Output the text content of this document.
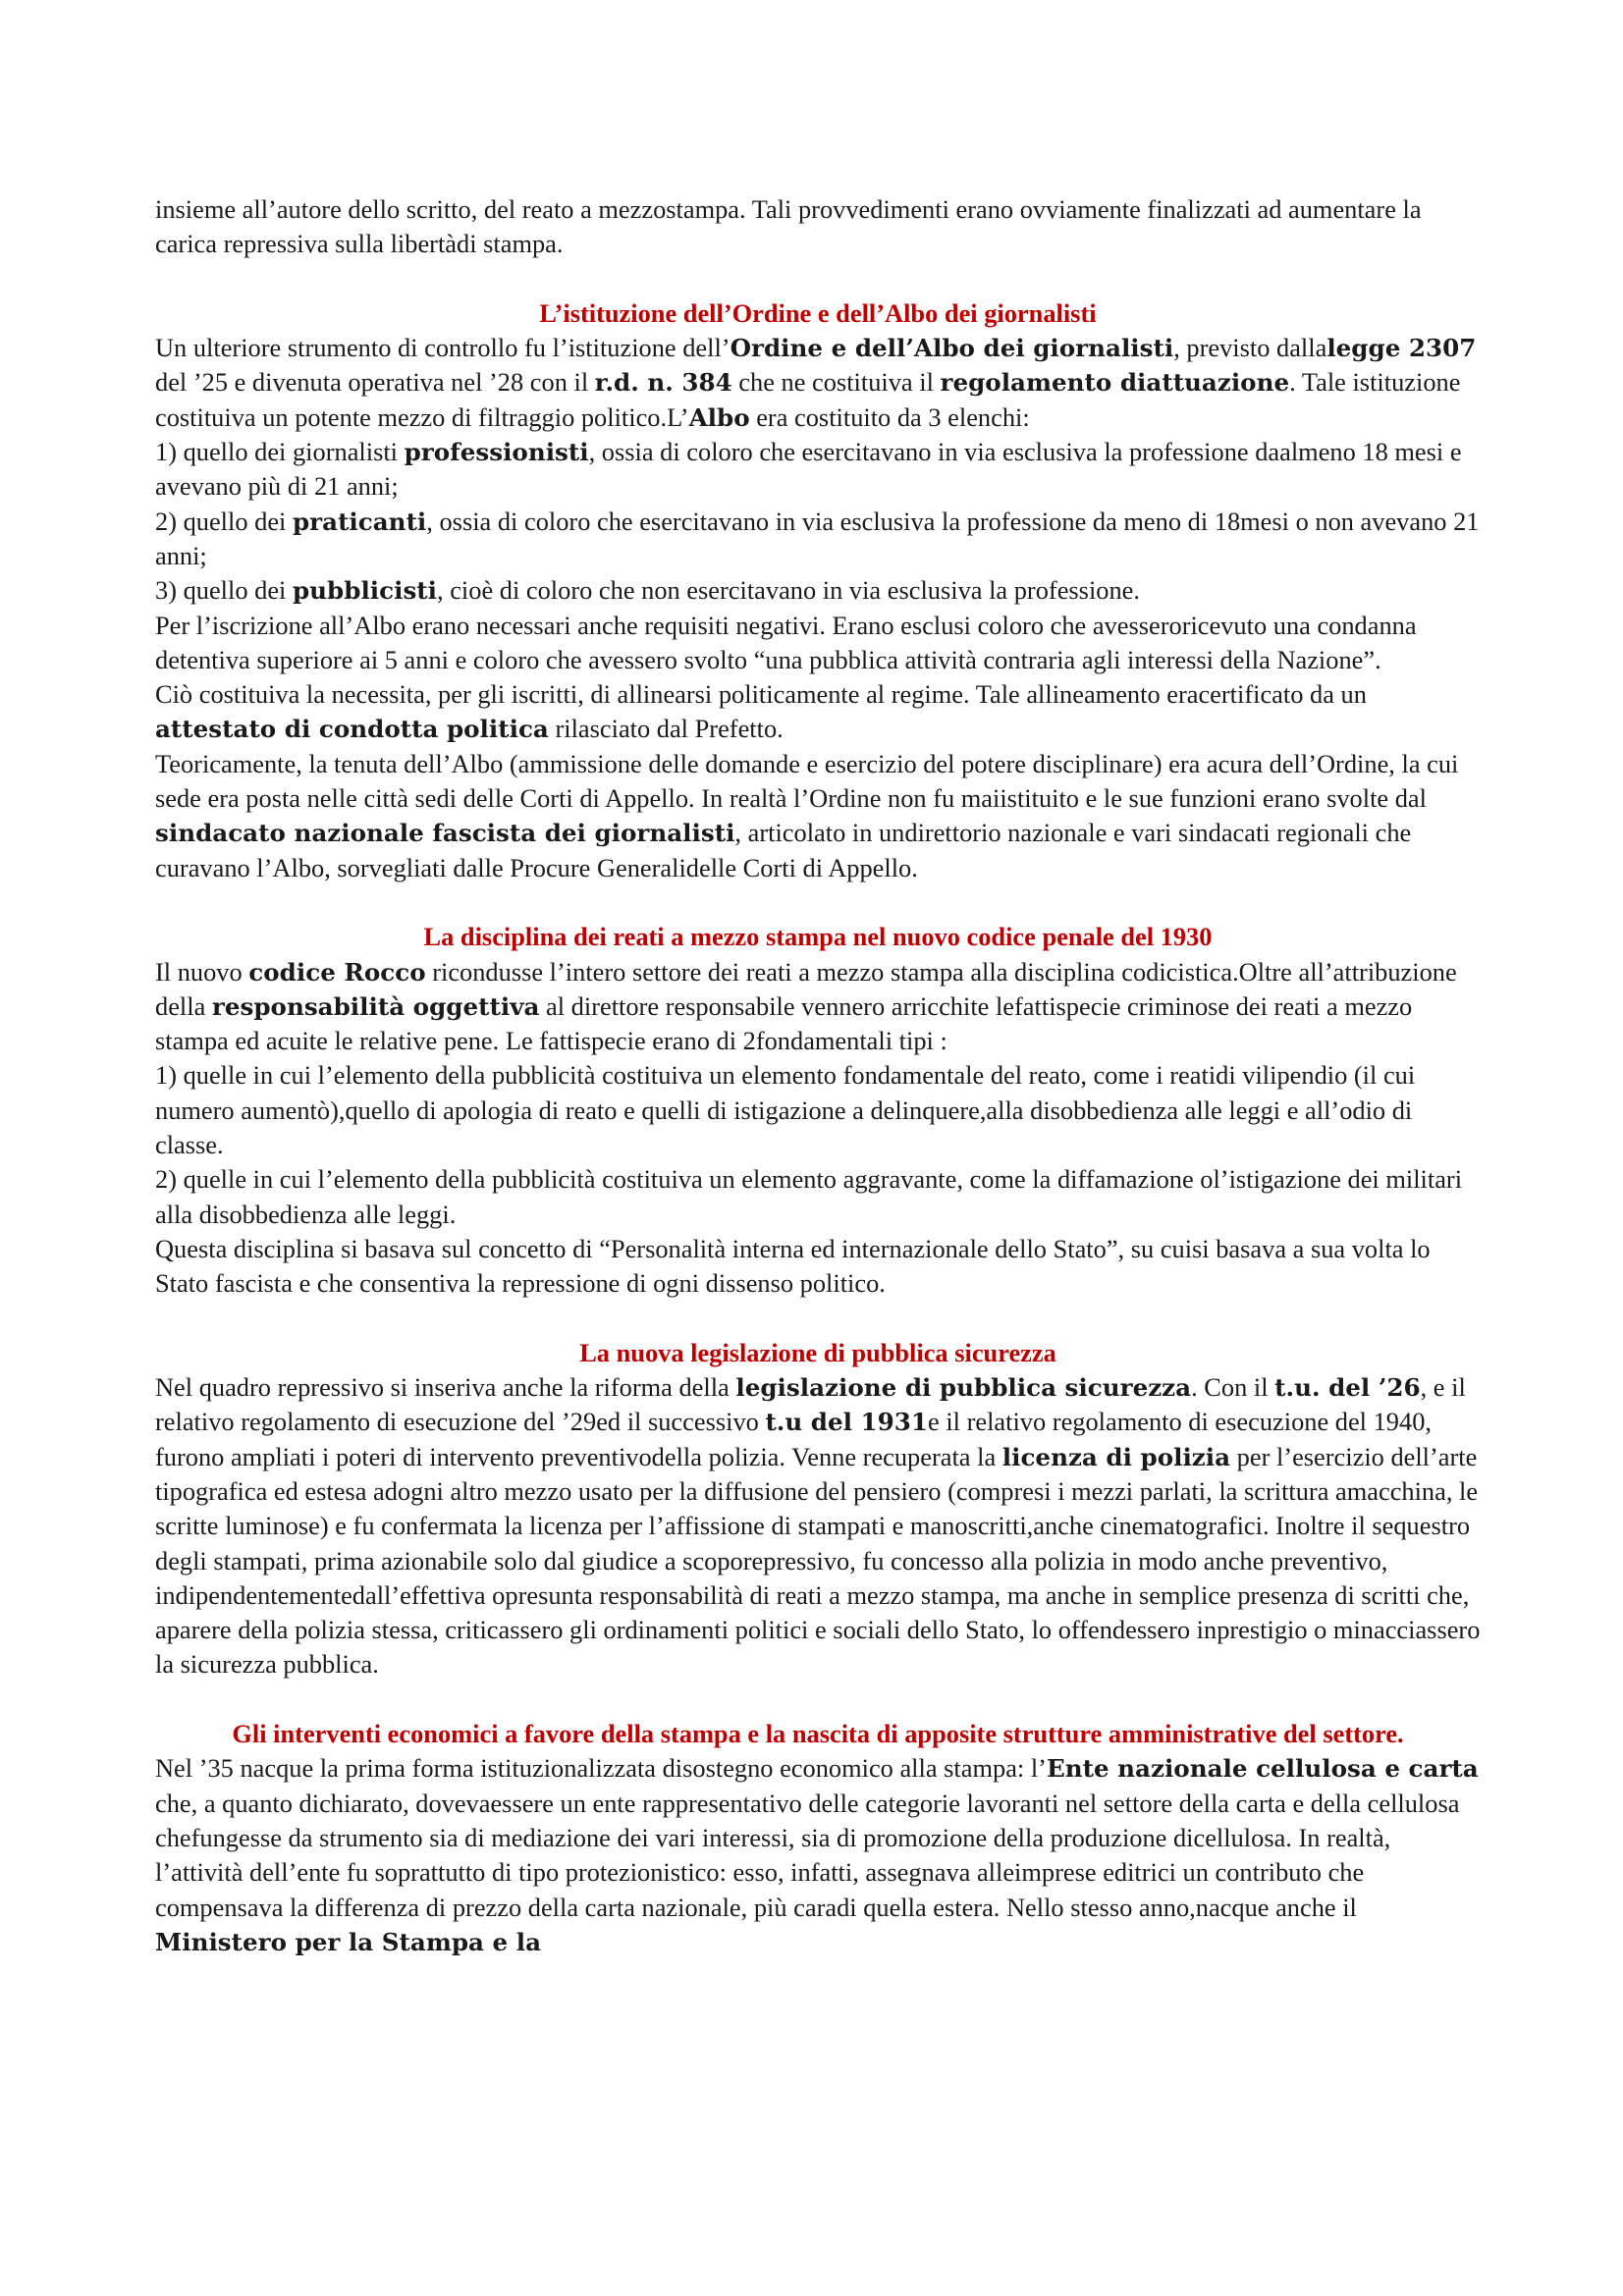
insieme all’autore dello scritto, del reato a mezzostampa. Tali provvedimenti erano ovviamente finalizzati ad aumentare la carica repressiva sulla libertàdi stampa.

L’istituzione dell’Ordine e dell’Albo dei giornalisti

Un ulteriore strumento di controllo fu l’istituzione dell’Ordine e dell’Albo dei giornalisti, previsto dallalegge 2307 del ’25 e divenuta operativa nel ’28 con il r.d. n. 384 che ne costituiva il regolamento diattuazione. Tale istituzione costituiva un potente mezzo di filtraggio politico.L’Albo era costituito da 3 elenchi:

1) quello dei giornalisti professionisti, ossia di coloro che esercitavano in via esclusiva la professione daalmeno 18 mesi e avevano più di 21 anni;

2) quello dei praticanti, ossia di coloro che esercitavano in via esclusiva la professione da meno di 18mesi o non avevano 21 anni;

3) quello dei pubblicisti, cioè di coloro che non esercitavano in via esclusiva la professione.

Per l’iscrizione all’Albo erano necessari anche requisiti negativi. Erano esclusi coloro che avesseroricevuto una condanna detentiva superiore ai 5 anni e coloro che avessero svolto “una pubblica attività contraria agli interessi della Nazione”.

Ciò costituiva la necessita, per gli iscritti, di allinearsi politicamente al regime. Tale allineamento eracertificato da un attestato di condotta politica rilasciato dal Prefetto.

Teoricamente, la tenuta dell’Albo (ammissione delle domande e esercizio del potere disciplinare) era acura dell’Ordine, la cui sede era posta nelle città sedi delle Corti di Appello. In realtà l’Ordine non fu maiistituito e le sue funzioni erano svolte dal sindacato nazionale fascista dei giornalisti, articolato in undirettorio nazionale e vari sindacati regionali che curavano l’Albo, sorvegliati dalle Procure Generalidelle Corti di Appello.

La disciplina dei reati a mezzo stampa nel nuovo codice penale del 1930

Il nuovo codice Rocco ricondusse l’intero settore dei reati a mezzo stampa alla disciplina codicistica.Oltre all’attribuzione della responsabilità oggettiva al direttore responsabile vennero arricchite lefattispecie criminose dei reati a mezzo stampa ed acuite le relative pene. Le fattispecie erano di 2fondamentali tipi :

1) quelle in cui l’elemento della pubblicità costituiva un elemento fondamentale del reato, come i reatidi vilipendio (il cui numero aumentò),quello di apologia di reato e quelli di istigazione a delinquere,alla disobbedienza alle leggi e all’odio di classe.

2) quelle in cui l’elemento della pubblicità costituiva un elemento aggravante, come la diffamazione ol’istigazione dei militari alla disobbedienza alle leggi.

Questa disciplina si basava sul concetto di “Personalità interna ed internazionale dello Stato”, su cuisi basava a sua volta lo Stato fascista e che consentiva la repressione di ogni dissenso politico.

La nuova legislazione di pubblica sicurezza

Nel quadro repressivo si inseriva anche la riforma della legislazione di pubblica sicurezza. Con il t.u. del ’26, e il relativo regolamento di esecuzione del ’29ed il successivo t.u del 1931e il relativo regolamento di esecuzione del 1940, furono ampliati i poteri di intervento preventivodella polizia. Venne recuperata la licenza di polizia per l’esercizio dell’arte tipografica ed estesa adogni altro mezzo usato per la diffusione del pensiero (compresi i mezzi parlati, la scrittura amacchina, le scritte luminose) e fu confermata la licenza per l’affissione di stampati e manoscritti,anche cinematografici. Inoltre il sequestro degli stampati, prima azionabile solo dal giudice a scoporepressivo, fu concesso alla polizia in modo anche preventivo, indipendentementedall’effettiva opresunta responsabilità di reati a mezzo stampa, ma anche in semplice presenza di scritti che, aparere della polizia stessa, criticassero gli ordinamenti politici e sociali dello Stato, lo offendessero inprestigio o minacciassero la sicurezza pubblica.

Gli interventi economici a favore della stampa e la nascita di apposite strutture amministrative del settore.

Nel ’35 nacque la prima forma istituzionalizzata disostegno economico alla stampa: l’Ente nazionale cellulosa e carta che, a quanto dichiarato, dovevaessere un ente rappresentativo delle categorie lavoranti nel settore della carta e della cellulosa chefungesse da strumento sia di mediazione dei vari interessi, sia di promozione della produzione dicellulosa. In realtà, l’attività dell’ente fu soprattutto di tipo protezionistico: esso, infatti, assegnava alleimprese editrici un contributo che compensava la differenza di prezzo della carta nazionale, più caradi quella estera. Nello stesso anno,nacque anche il Ministero per la Stampa e la
